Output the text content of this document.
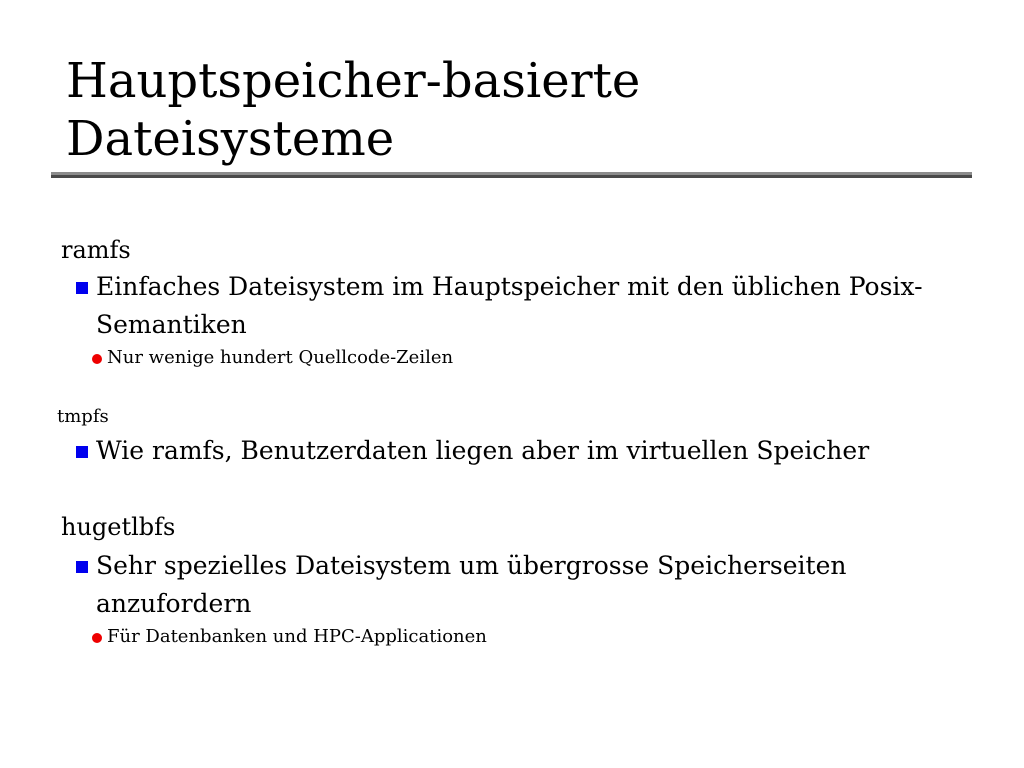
Hauptspeicher-basierte
Dateisysteme
ramfs
Einfaches Dateisystem im Hauptspeicher mit den üblichen Posix-Semantiken
Nur wenige hundert Quellcode-Zeilen
tmpfs
Wie ramfs, Benutzerdaten liegen aber im virtuellen Speicher
hugetlbfs
Sehr spezielles Dateisystem um übergrosse Speicherseiten anzufordern
Für Datenbanken und HPC-Applicationen
